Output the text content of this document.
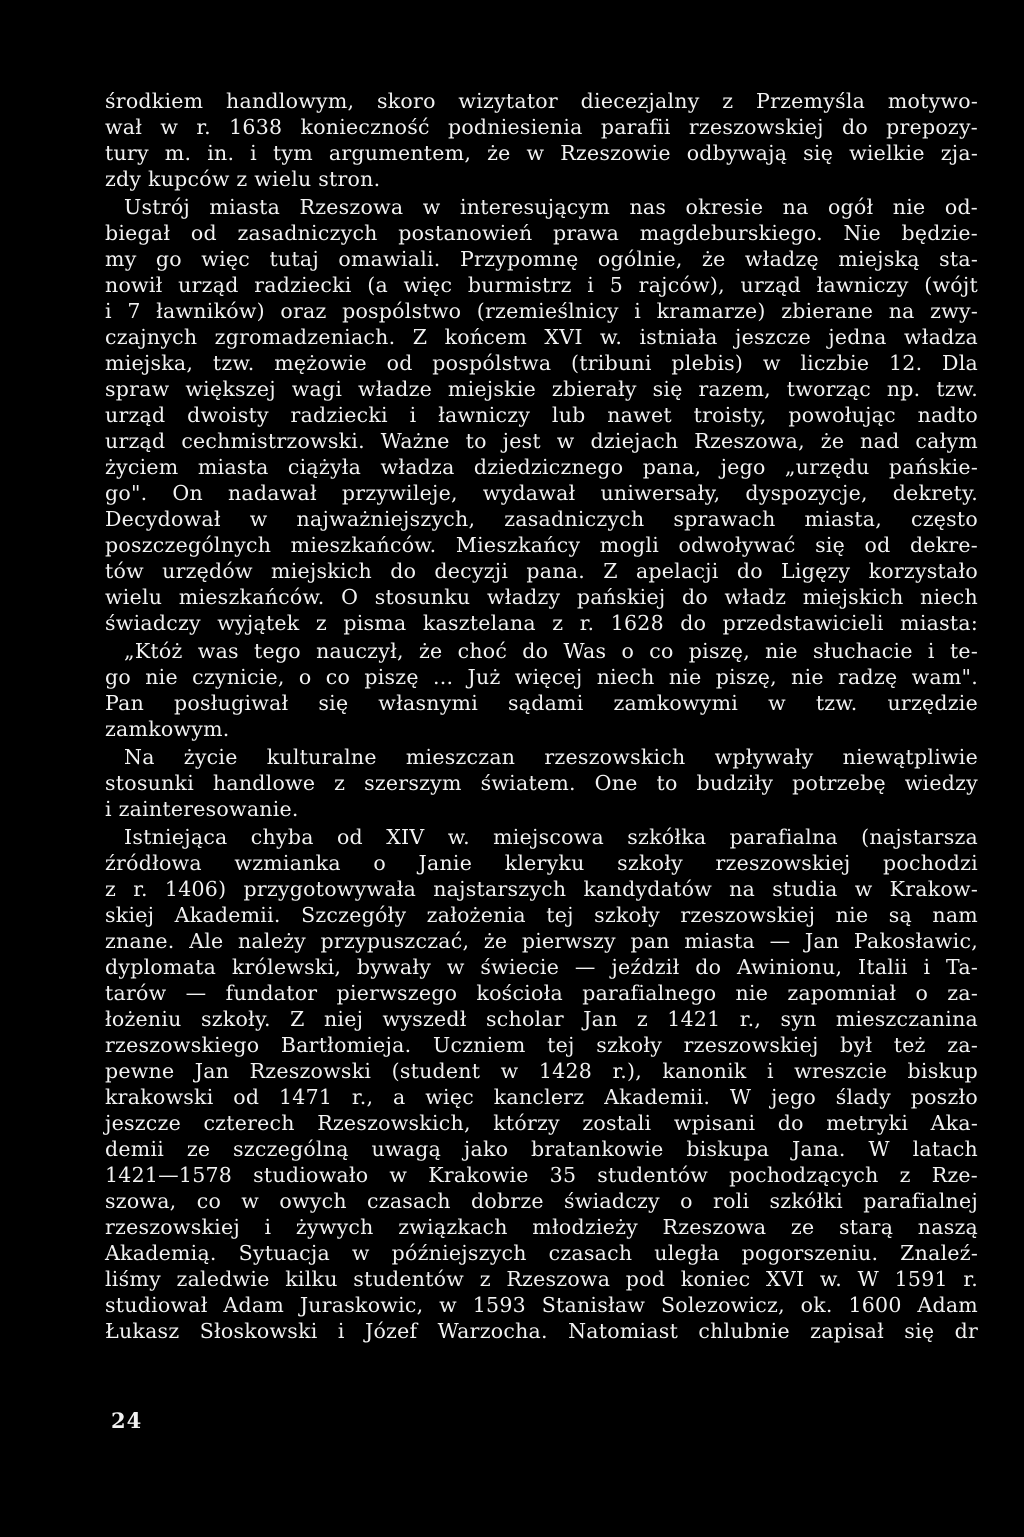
środkiem handlowym, skoro wizytator diecezjalny z Przemyśla motywo-
wał w r. 1638 konieczność podniesienia parafii rzeszowskiej do prepozy-
tury m. in. i tym argumentem, że w Rzeszowie odbywają się wielkie zja-
zdy kupców z wielu stron.
Ustrój miasta Rzeszowa w interesującym nas okresie na ogół nie od-
biegał od zasadniczych postanowień prawa magdeburskiego. Nie będzie-
my go więc tutaj omawiali. Przypomnę ogólnie, że władzę miejską sta-
nowił urząd radziecki (a więc burmistrz i 5 rajców), urząd ławniczy (wójt
i 7 ławników) oraz pospólstwo (rzemieślnicy i kramarze) zbierane na zwy-
czajnych zgromadzeniach. Z końcem XVI w. istniała jeszcze jedna władza
miejska, tzw. mężowie od pospólstwa (tribuni plebis) w liczbie 12. Dla
spraw większej wagi władze miejskie zbierały się razem, tworząc np. tzw.
urząd dwoisty radziecki i ławniczy lub nawet troisty, powołując nadto
urząd cechmistrzowski. Ważne to jest w dziejach Rzeszowa, że nad całym
życiem miasta ciążyła władza dziedzicznego pana, jego „urzędu pańskie-
go". On nadawał przywileje, wydawał uniwersały, dyspozycje, dekrety.
Decydował w najważniejszych, zasadniczych sprawach miasta, często
poszczególnych mieszkańców. Mieszkańcy mogli odwoływać się od dekre-
tów urzędów miejskich do decyzji pana. Z apelacji do Ligęzy korzystało
wielu mieszkańców. O stosunku władzy pańskiej do władz miejskich niech
świadczy wyjątek z pisma kasztelana z r. 1628 do przedstawicieli miasta:
„Któż was tego nauczył, że choć do Was o co piszę, nie słuchacie i te-
go nie czynicie, o co piszę ... Już więcej niech nie piszę, nie radzę wam".
Pan posługiwał się własnymi sądami zamkowymi w tzw. urzędzie
zamkowym.
Na życie kulturalne mieszczan rzeszowskich wpływały niewątpliwie
stosunki handlowe z szerszym światem. One to budziły potrzebę wiedzy
i zainteresowanie.
Istniejąca chyba od XIV w. miejscowa szkółka parafialna (najstarsza
źródłowa wzmianka o Janie kleryku szkoły rzeszowskiej pochodzi
z r. 1406) przygotowywała najstarszych kandydatów na studia w Krakow-
skiej Akademii. Szczegóły założenia tej szkoły rzeszowskiej nie są nam
znane. Ale należy przypuszczać, że pierwszy pan miasta — Jan Pakosławic,
dyplomata królewski, bywały w świecie — jeździł do Awinionu, Italii i Ta-
tarów — fundator pierwszego kościoła parafialnego nie zapomniał o za-
łożeniu szkoły. Z niej wyszedł scholar Jan z 1421 r., syn mieszczanina
rzeszowskiego Bartłomieja. Uczniem tej szkoły rzeszowskiej był też za-
pewne Jan Rzeszowski (student w 1428 r.), kanonik i wreszcie biskup
krakowski od 1471 r., a więc kanclerz Akademii. W jego ślady poszło
jeszcze czterech Rzeszowskich, którzy zostali wpisani do metryki Aka-
demii ze szczególną uwagą jako bratankowie biskupa Jana. W latach
1421—1578 studiowało w Krakowie 35 studentów pochodzących z Rze-
szowa, co w owych czasach dobrze świadczy o roli szkółki parafialnej
rzeszowskiej i żywych związkach młodzieży Rzeszowa ze starą naszą
Akademią. Sytuacja w późniejszych czasach uległa pogorszeniu. Znaleź-
liśmy zaledwie kilku studentów z Rzeszowa pod koniec XVI w. W 1591 r.
studiował Adam Juraskowic, w 1593 Stanisław Solezowicz, ok. 1600 Adam
Łukasz Słoskowski i Józef Warzocha. Natomiast chlubnie zapisał się dr
24
